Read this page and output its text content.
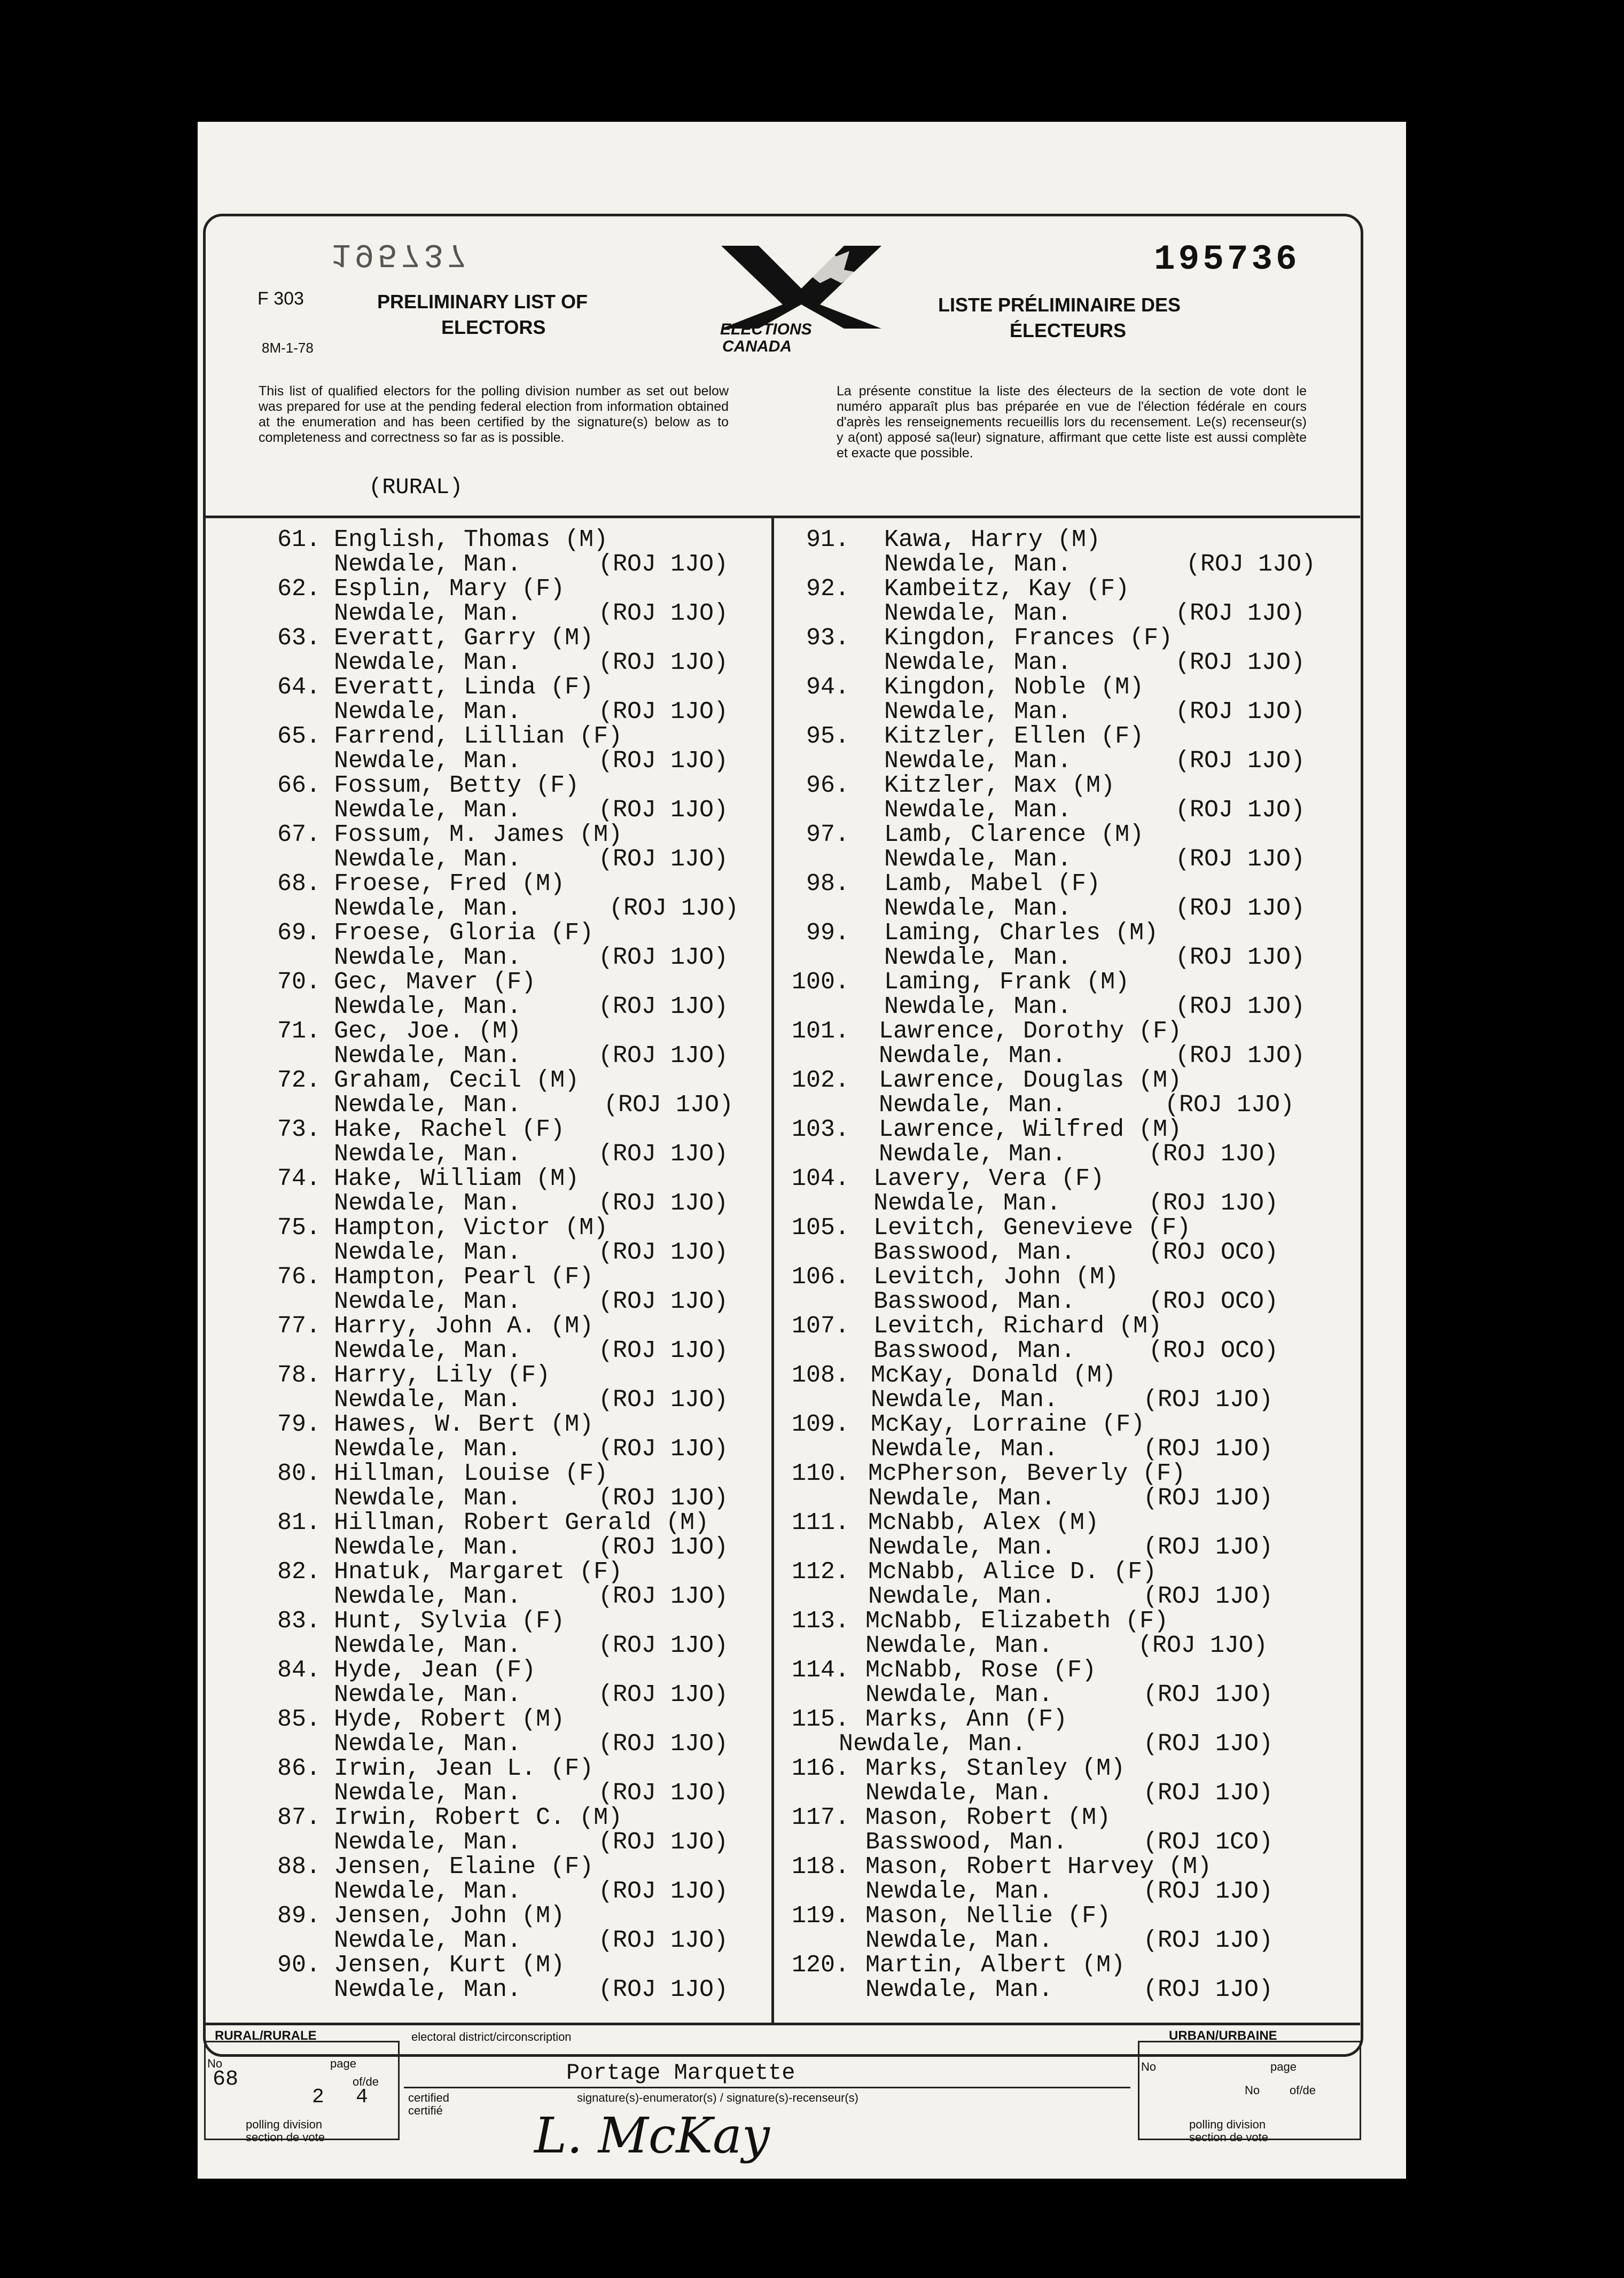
195737	195736
F 303
8M-1-78
PRELIMINARY LIST OF
ELECTORS	ELECTIONS
CANADA
LISTE PRÉLIMINAIRE DES
ÉLECTEURS
This list of qualified electors for the polling division number as set out below was prepared for use at the pending federal election from information obtained at the enumeration and has been certified by the signature(s) below as to completeness and correctness so far as is possible.
La présente constitue la liste des électeurs de la section de vote dont le numéro apparaît plus bas préparée en vue de l'élection fédérale en cours d'après les renseignements recueillis lors du recensement. Le(s) recenseur(s) y a(ont) apposé sa(leur) signature, affirmant que cette liste est aussi complète et exacte que possible.
(RURAL)
61. English, Thomas (M)
Newdale, Man.	(ROJ 1JO)
62. Esplin, Mary (F)
Newdale, Man.	(ROJ 1JO)
63. Everatt, Garry (M)
Newdale, Man.	(ROJ 1JO)
64. Everatt, Linda (F)
Newdale, Man.	(ROJ 1JO)
65. Farrend, Lillian (F)
Newdale, Man.	(ROJ 1JO)
66. Fossum, Betty (F)
Newdale, Man.	(ROJ 1JO)
67. Fossum, M. James (M)
Newdale, Man.	(ROJ 1JO)
68. Froese, Fred (M)
Newdale, Man.	(ROJ 1JO)
69. Froese, Gloria (F)
Newdale, Man.	(ROJ 1JO)
70. Gec, Maver (F)
Newdale, Man.	(ROJ 1JO)
71. Gec, Joe. (M)
Newdale, Man.	(ROJ 1JO)
72. Graham, Cecil (M)
Newdale, Man.	(ROJ 1JO)
73. Hake, Rachel (F)
Newdale, Man.	(ROJ 1JO)
74. Hake, William (M)
Newdale, Man.	(ROJ 1JO)
75. Hampton, Victor (M)
Newdale, Man.	(ROJ 1JO)
76. Hampton, Pearl (F)
Newdale, Man.	(ROJ 1JO)
77. Harry, John A. (M)
Newdale, Man.	(ROJ 1JO)
78. Harry, Lily (F)
Newdale, Man.	(ROJ 1JO)
79. Hawes, W. Bert (M)
Newdale, Man.	(ROJ 1JO)
80. Hillman, Louise (F)
Newdale, Man.	(ROJ 1JO)
81. Hillman, Robert Gerald (M)
Newdale, Man.	(ROJ 1JO)
82. Hnatuk, Margaret (F)
Newdale, Man.	(ROJ 1JO)
83. Hunt, Sylvia (F)
Newdale, Man.	(ROJ 1JO)
84. Hyde, Jean (F)
Newdale, Man.	(ROJ 1JO)
85. Hyde, Robert (M)
Newdale, Man.	(ROJ 1JO)
86. Irwin, Jean L. (F)
Newdale, Man.	(ROJ 1JO)
87. Irwin, Robert C. (M)
Newdale, Man.	(ROJ 1JO)
88. Jensen, Elaine (F)
Newdale, Man.	(ROJ 1JO)
89. Jensen, John (M)
Newdale, Man.	(ROJ 1JO)
90. Jensen, Kurt (M)
Newdale, Man.	(ROJ 1JO)
91. Kawa, Harry (M)
Newdale, Man.	(ROJ 1JO)
92. Kambeitz, Kay (F)
Newdale, Man.	(ROJ 1JO)
93. Kingdon, Frances (F)
Newdale, Man.	(ROJ 1JO)
94. Kingdon, Noble (M)
Newdale, Man.	(ROJ 1JO)
95. Kitzler, Ellen (F)
Newdale, Man.	(ROJ 1JO)
96. Kitzler, Max (M)
Newdale, Man.	(ROJ 1JO)
97. Lamb, Clarence (M)
Newdale, Man.	(ROJ 1JO)
98. Lamb, Mabel (F)
Newdale, Man.	(ROJ 1JO)
99. Laming, Charles (M)
Newdale, Man.	(ROJ 1JO)
100. Laming, Frank (M)
Newdale, Man.	(ROJ 1JO)
101. Lawrence, Dorothy (F)
Newdale, Man.	(ROJ 1JO)
102. Lawrence, Douglas (M)
Newdale, Man.	(ROJ 1JO)
103. Lawrence, Wilfred (M)
Newdale, Man.	(ROJ 1JO)
104. Lavery, Vera (F)
Newdale, Man.	(ROJ 1JO)
105. Levitch, Genevieve (F)
Basswood, Man.	(ROJ OCO)
106. Levitch, John (M)
Basswood, Man.	(ROJ OCO)
107. Levitch, Richard (M)
Basswood, Man.	(ROJ OCO)
108. McKay, Donald (M)
Newdale, Man.	(ROJ 1JO)
109. McKay, Lorraine (F)
Newdale, Man.	(ROJ 1JO)
110. McPherson, Beverly (F)
Newdale, Man.	(ROJ 1JO)
111. McNabb, Alex (M)
Newdale, Man.	(ROJ 1JO)
112. McNabb, Alice D. (F)
Newdale, Man.	(ROJ 1JO)
113. McNabb, Elizabeth (F)
Newdale, Man.	(ROJ 1JO)
114. McNabb, Rose (F)
Newdale, Man.	(ROJ 1JO)
115. Marks, Ann (F)
Newdale, Man.	(ROJ 1JO)
116. Marks, Stanley (M)
Newdale, Man.	(ROJ 1JO)
117. Mason, Robert (M)
Basswood, Man.	(ROJ 1CO)
118. Mason, Robert Harvey (M)
Newdale, Man.	(ROJ 1JO)
119. Mason, Nellie (F)
Newdale, Man.	(ROJ 1JO)
120. Martin, Albert (M)
Newdale, Man.	(ROJ 1JO)
RURAL/RURALE
No
68
page
2
of/de
4
polling division
section de vote
electoral district/circonscription
Portage Marquette
certified
certifié
signature(s)-enumerator(s) / signature(s)-recenseur(s)
L. McKay
URBAN/URBAINE
No	page
No	of/de
polling division
section de vote
